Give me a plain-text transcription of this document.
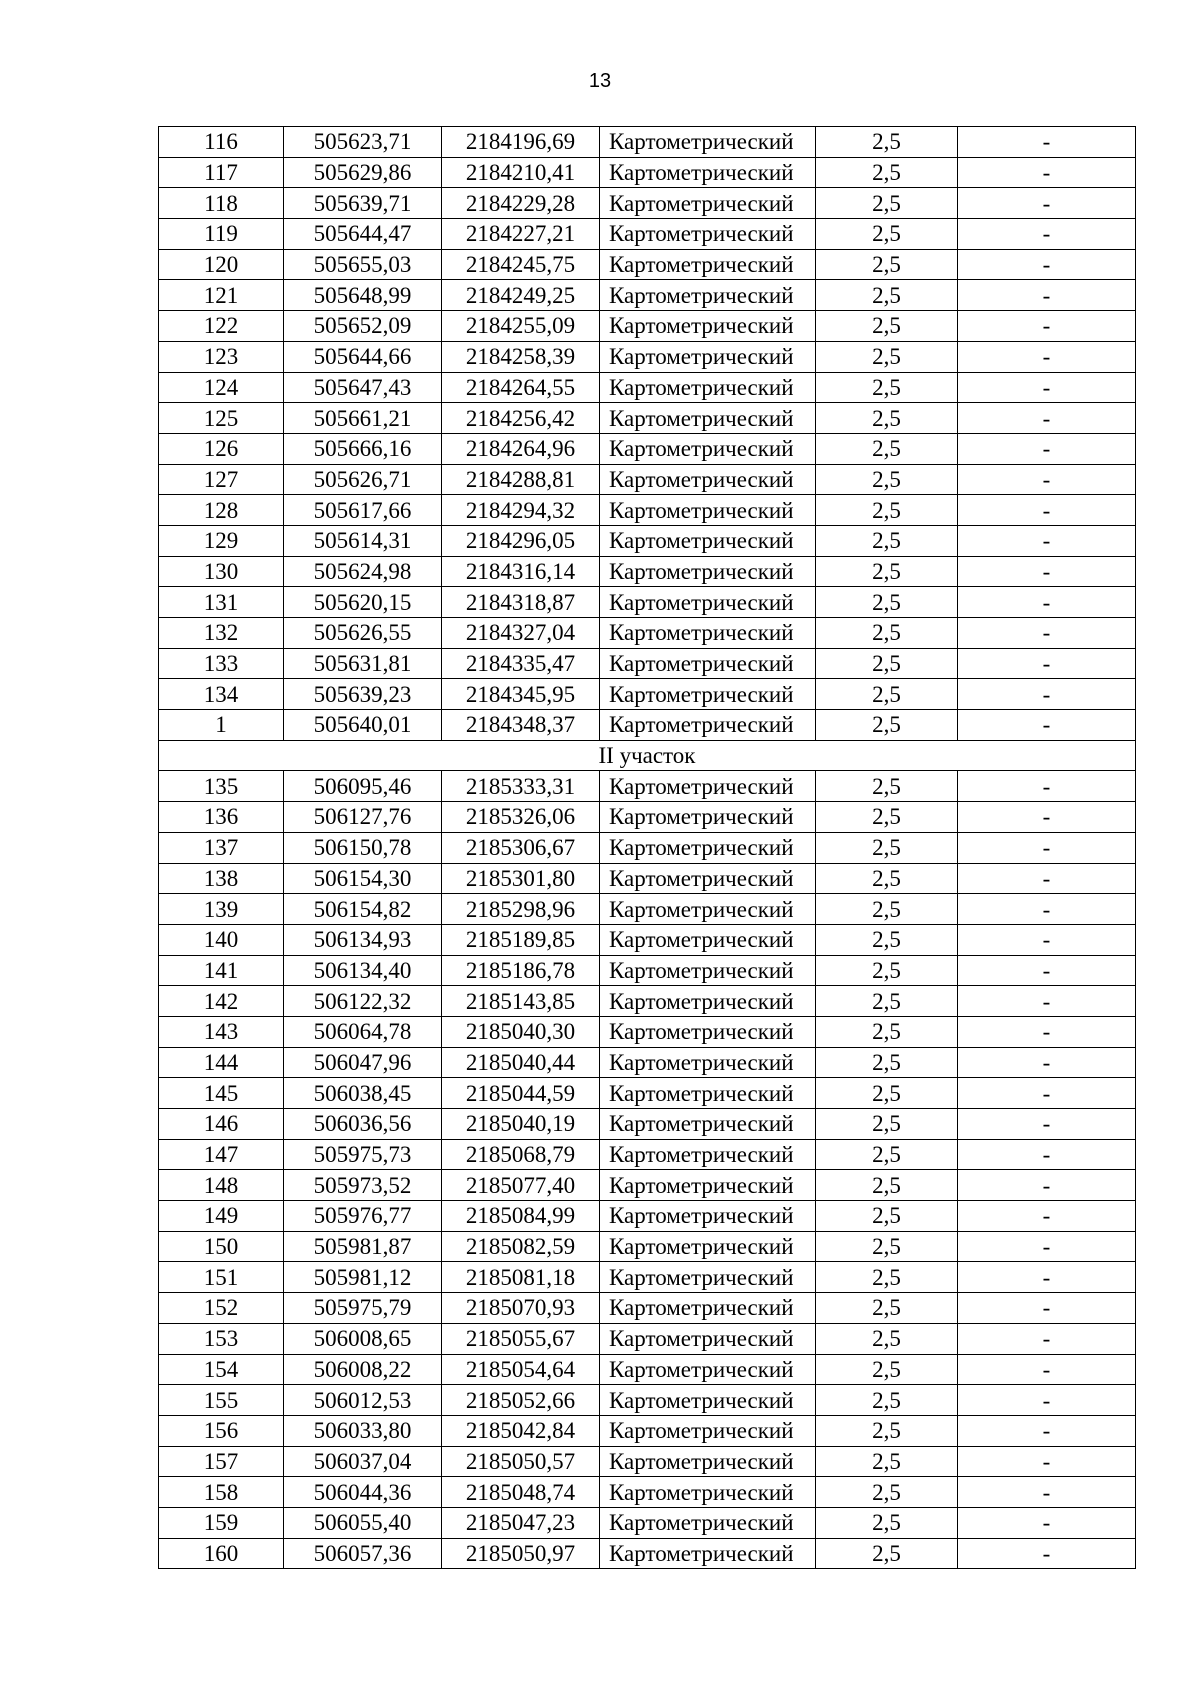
13
116	505623,71	2184196,69	Картометрический	2,5	-
117	505629,86	2184210,41	Картометрический	2,5	-
118	505639,71	2184229,28	Картометрический	2,5	-
119	505644,47	2184227,21	Картометрический	2,5	-
120	505655,03	2184245,75	Картометрический	2,5	-
121	505648,99	2184249,25	Картометрический	2,5	-
122	505652,09	2184255,09	Картометрический	2,5	-
123	505644,66	2184258,39	Картометрический	2,5	-
124	505647,43	2184264,55	Картометрический	2,5	-
125	505661,21	2184256,42	Картометрический	2,5	-
126	505666,16	2184264,96	Картометрический	2,5	-
127	505626,71	2184288,81	Картометрический	2,5	-
128	505617,66	2184294,32	Картометрический	2,5	-
129	505614,31	2184296,05	Картометрический	2,5	-
130	505624,98	2184316,14	Картометрический	2,5	-
131	505620,15	2184318,87	Картометрический	2,5	-
132	505626,55	2184327,04	Картометрический	2,5	-
133	505631,81	2184335,47	Картометрический	2,5	-
134	505639,23	2184345,95	Картометрический	2,5	-
1	505640,01	2184348,37	Картометрический	2,5	-
II участок					
135	506095,46	2185333,31	Картометрический	2,5	-
136	506127,76	2185326,06	Картометрический	2,5	-
137	506150,78	2185306,67	Картометрический	2,5	-
138	506154,30	2185301,80	Картометрический	2,5	-
139	506154,82	2185298,96	Картометрический	2,5	-
140	506134,93	2185189,85	Картометрический	2,5	-
141	506134,40	2185186,78	Картометрический	2,5	-
142	506122,32	2185143,85	Картометрический	2,5	-
143	506064,78	2185040,30	Картометрический	2,5	-
144	506047,96	2185040,44	Картометрический	2,5	-
145	506038,45	2185044,59	Картометрический	2,5	-
146	506036,56	2185040,19	Картометрический	2,5	-
147	505975,73	2185068,79	Картометрический	2,5	-
148	505973,52	2185077,40	Картометрический	2,5	-
149	505976,77	2185084,99	Картометрический	2,5	-
150	505981,87	2185082,59	Картометрический	2,5	-
151	505981,12	2185081,18	Картометрический	2,5	-
152	505975,79	2185070,93	Картометрический	2,5	-
153	506008,65	2185055,67	Картометрический	2,5	-
154	506008,22	2185054,64	Картометрический	2,5	-
155	506012,53	2185052,66	Картометрический	2,5	-
156	506033,80	2185042,84	Картометрический	2,5	-
157	506037,04	2185050,57	Картометрический	2,5	-
158	506044,36	2185048,74	Картометрический	2,5	-
159	506055,40	2185047,23	Картометрический	2,5	-
160	506057,36	2185050,97	Картометрический	2,5	-
